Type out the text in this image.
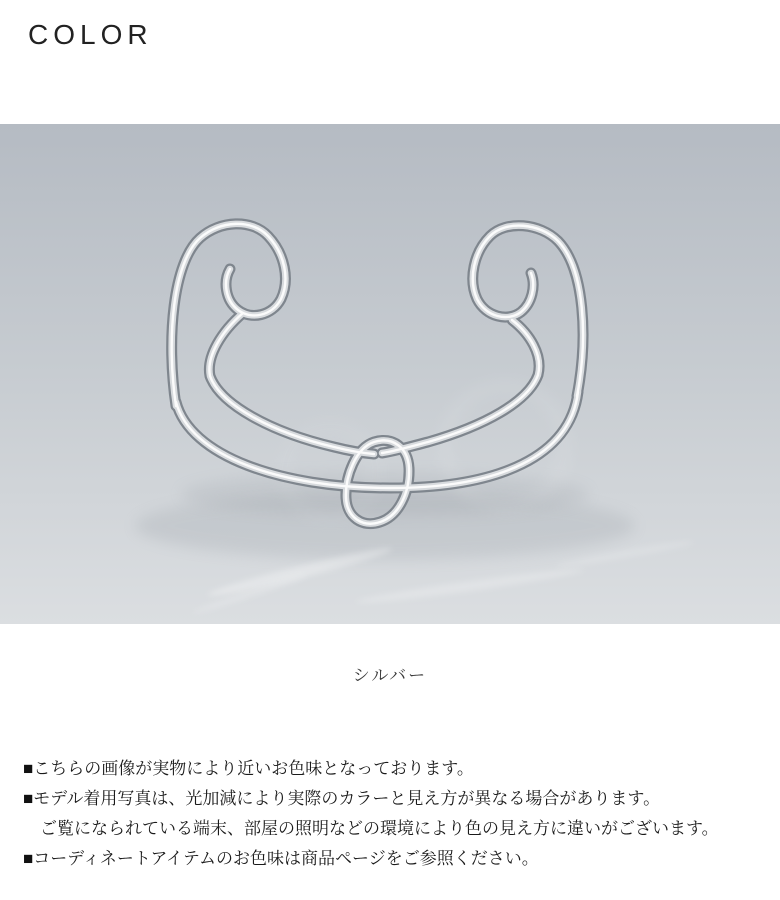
COLOR
シルバー

■こちらの画像が実物により近いお色味となっております。

■モデル着用写真は、光加減により実際のカラーと見え方が異なる場合があります。

　ご覧になられている端末、部屋の照明などの環境により色の見え方に違いがございます。

■コーディネートアイテムのお色味は商品ページをご参照ください。
